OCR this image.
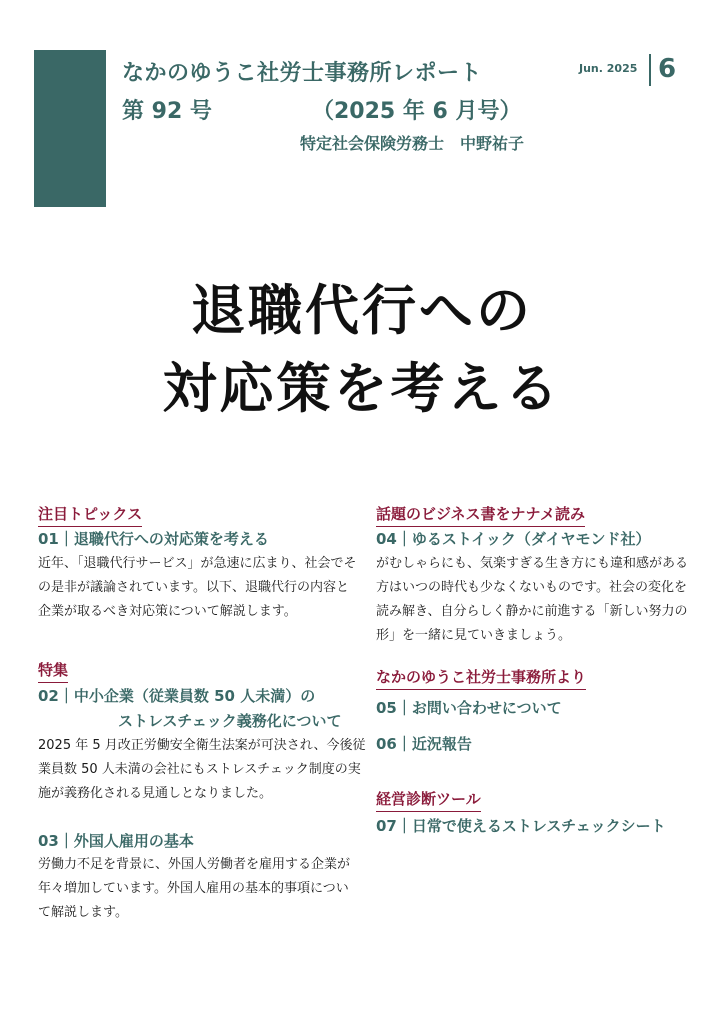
なかのゆうこ社労士事務所レポート
第 92 号	（2025 年 6 月号）
特定社会保険労務士　中野祐子
Jun. 2025 6
退職代行への
対応策を考える
注目トピックス
01｜退職代行への対応策を考える
近年、「退職代行サービス」が急速に広まり、社会でそ
の是非が議論されています。以下、退職代行の内容と
企業が取るべき対応策について解説します。
特集
02｜中小企業（従業員数 50 人未満）の
ストレスチェック義務化について
2025 年 5 月改正労働安全衛生法案が可決され、今後従
業員数 50 人未満の会社にもストレスチェック制度の実
施が義務化される見通しとなりました。
03｜外国人雇用の基本
労働力不足を背景に、外国人労働者を雇用する企業が
年々増加しています。外国人雇用の基本的事項につい
て解説します。
話題のビジネス書をナナメ読み
04｜ゆるストイック（ダイヤモンド社）
がむしゃらにも、気楽すぎる生き方にも違和感がある
方はいつの時代も少なくないものです。社会の変化を
読み解き、自分らしく静かに前進する「新しい努力の
形」を一緒に見ていきましょう。
なかのゆうこ社労士事務所より
05｜お問い合わせについて
06｜近況報告
経営診断ツール
07｜日常で使えるストレスチェックシート
